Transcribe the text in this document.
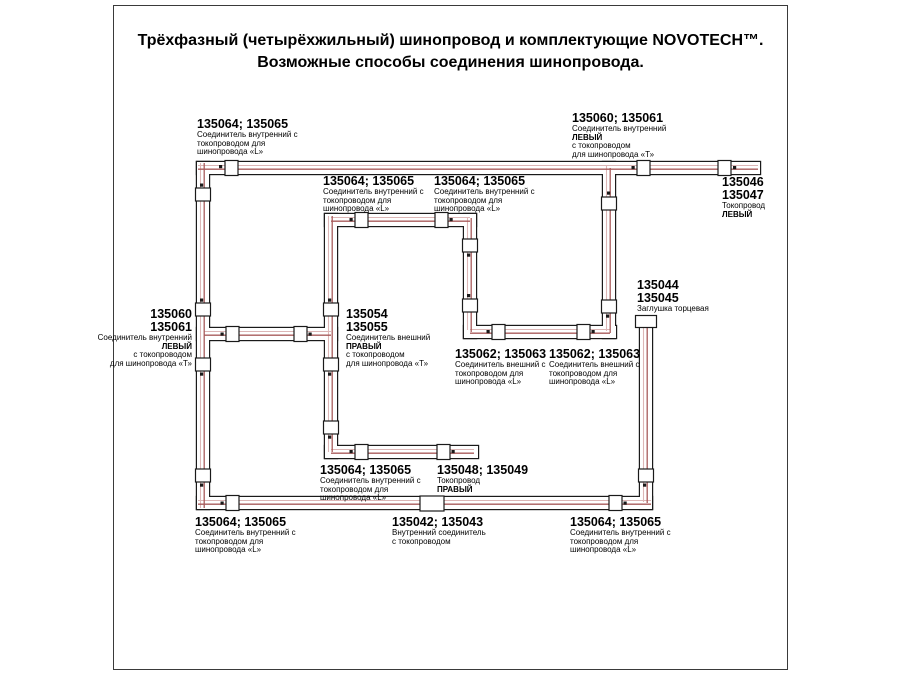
Трёхфазный (четырёхжильный) шинопровод и комплектующие NOVOTECH™.
Возможные способы соединения шинопровода.
135064; 135065
Соединитель внутренний с
токопроводом для
шинопровода «L»
135060; 135061
Соединитель внутренний
ЛЕВЫЙ
с токопроводом
для шинопровода «Т»
135046
135047
Токопровод
ЛЕВЫЙ
135064; 135065
Соединитель внутренний с
токопроводом для
шинопровода «L»
135064; 135065
Соединитель внутренний с
токопроводом для
шинопровода «L»
135060
135061
Соединитель внутренний
ЛЕВЫЙ
с токопроводом
для шинопровода «Т»
135054
135055
Соединитель внешний
ПРАВЫЙ
с токопроводом
для шинопровода «Т»
135062; 135063
Соединитель внешний с
токопроводом для
шинопровода «L»
135062; 135063
Соединитель внешний с
токопроводом для
шинопровода «L»
135044
135045
Заглушка торцевая
135064; 135065
Соединитель внутренний с
токопроводом для
шинопровода «L»
135048; 135049
Токопровод
ПРАВЫЙ
135064; 135065
Соединитель внутренний с
токопроводом для
шинопровода «L»
135042; 135043
Внутренний соединитель
с токопроводом
135064; 135065
Соединитель внутренний с
токопроводом для
шинопровода «L»
